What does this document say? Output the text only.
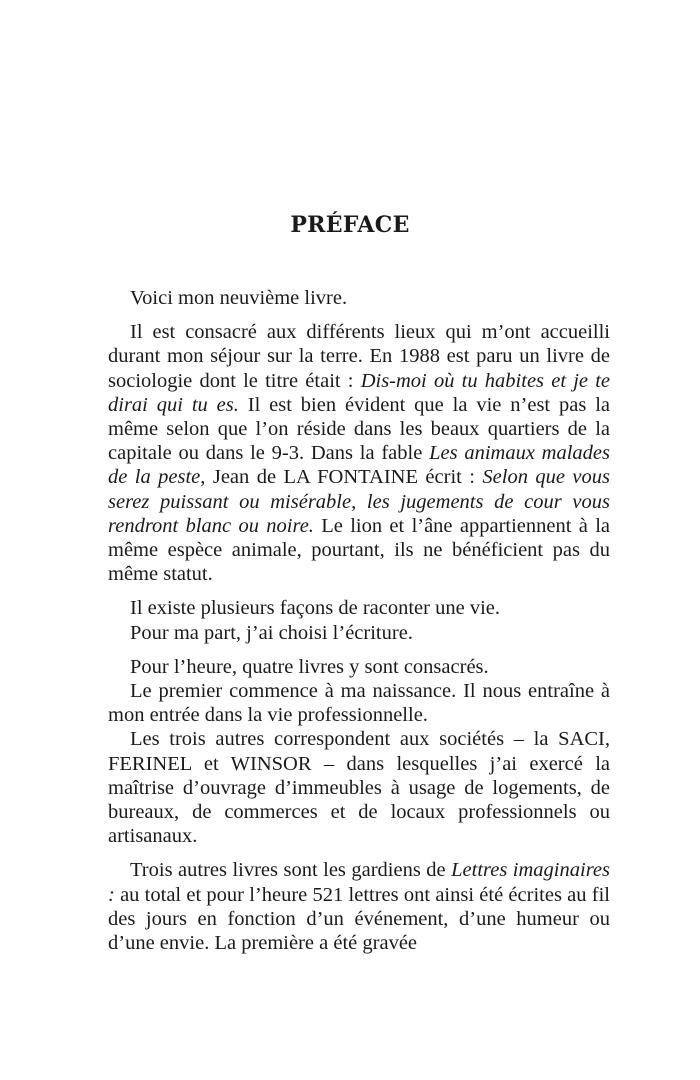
PRÉFACE

Voici mon neuvième livre.

Il est consacré aux différents lieux qui m’ont accueilli durant mon séjour sur la terre. En 1988 est paru un livre de sociologie dont le titre était : Dis-moi où tu habites et je te dirai qui tu es. Il est bien évident que la vie n’est pas la même selon que l’on réside dans les beaux quartiers de la capitale ou dans le 9-3. Dans la fable Les animaux malades de la peste, Jean de LA FONTAINE écrit : Selon que vous serez puissant ou misérable, les jugements de cour vous rendront blanc ou noire. Le lion et l’âne appartiennent à la même espèce animale, pourtant, ils ne bénéficient pas du même statut.

Il existe plusieurs façons de raconter une vie.

Pour ma part, j’ai choisi l’écriture.

Pour l’heure, quatre livres y sont consacrés.

Le premier commence à ma naissance. Il nous entraîne à mon entrée dans la vie professionnelle.

Les trois autres correspondent aux sociétés – la SACI, FERINEL et WINSOR – dans lesquelles j’ai exercé la maîtrise d’ouvrage d’immeubles à usage de logements, de bureaux, de commerces et de locaux professionnels ou artisanaux.

Trois autres livres sont les gardiens de Lettres imaginaires : au total et pour l’heure 521 lettres ont ainsi été écrites au fil des jours en fonction d’un événement, d’une humeur ou d’une envie. La première a été gravée
